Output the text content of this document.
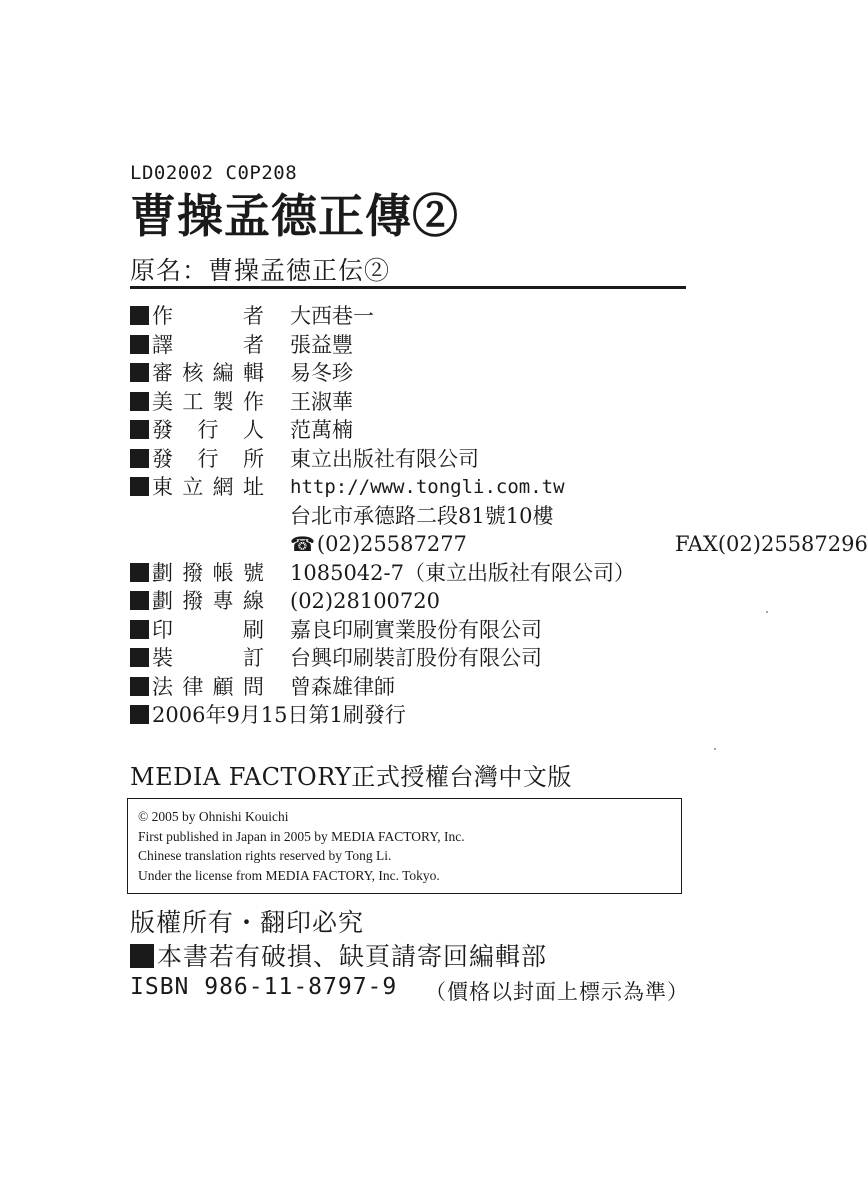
LD02002 C0P208
曹操孟德正傳②
原名：曹操孟徳正伝②
作　　者 大西巷一
譯　　者 張益豐
審核編輯 易冬珍
美工製作 王淑華
發 行 人 范萬楠
發 行 所 東立出版社有限公司
東立網址 http://www.tongli.com.tw
台北市承德路二段81號10樓
☎(02)25587277	FAX(02)25587296
劃撥帳號 1085042-7（東立出版社有限公司）
劃撥專線 (02)28100720
印　　刷 嘉良印刷實業股份有限公司
裝　　訂 台興印刷裝訂股份有限公司
法律顧問 曾森雄律師
2006年9月15日第1刷發行
MEDIA FACTORY正式授權台灣中文版
© 2005 by Ohnishi Kouichi
First published in Japan in 2005 by MEDIA FACTORY, Inc.
Chinese translation rights reserved by Tong Li.
Under the license from MEDIA FACTORY, Inc. Tokyo.
版權所有・翻印必究
本書若有破損、缺頁請寄回編輯部
ISBN 986-11-8797-9 （價格以封面上標示為準）
